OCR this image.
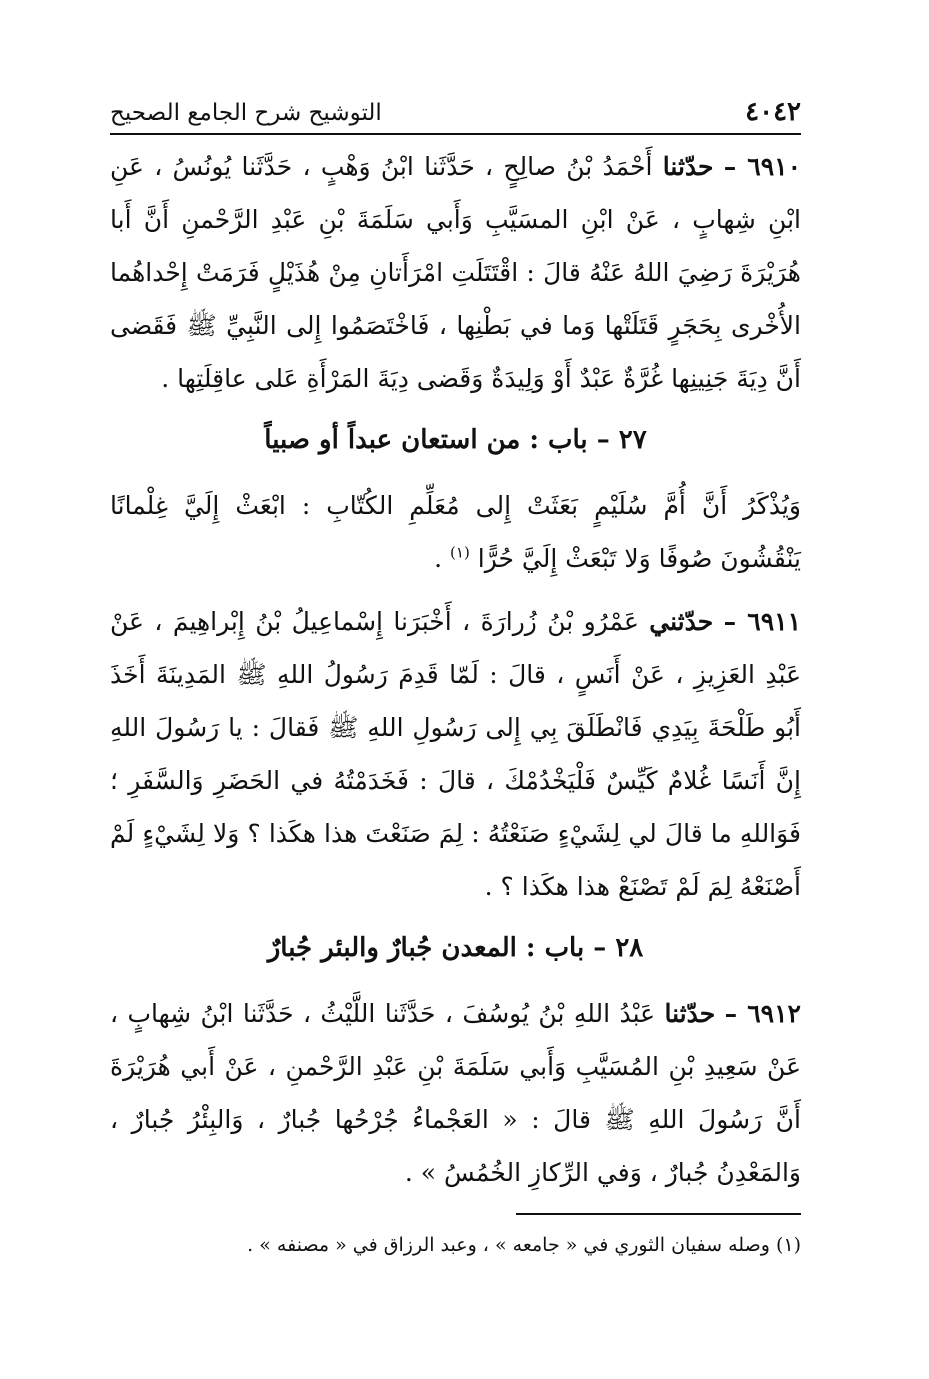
٤٠٤٢
التوشيح شرح الجامع الصحيح

٦٩١٠ – حدّثنا أَحْمَدُ بْنُ صالِحٍ ، حَدَّثَنا ابْنُ وَهْبٍ ، حَدَّثَنا يُونُسُ ، عَنِ ابْنِ شِهابٍ ، عَنْ ابْنِ المسَيَّبِ وَأَبي سَلَمَةَ بْنِ عَبْدِ الرَّحْمنِ أَنَّ أَبا هُرَيْرَةَ رَضِيَ اللهُ عَنْهُ قالَ : اقْتَتَلَتِ امْرَأَتانِ مِنْ هُذَيْلٍ فَرَمَتْ إِحْداهُما الأُخْرى بِحَجَرٍ قَتَلَتْها وَما في بَطْنِها ، فَاخْتَصَمُوا إِلى النَّبِيِّ ﷺ فَقَضى أَنَّ دِيَةَ جَنِينِها غُرَّةٌ عَبْدٌ أَوْ وَلِيدَةٌ وَقَضى دِيَةَ المَرْأَةِ عَلى عاقِلَتِها .

٢٧ – باب : من استعان عبداً أو صبياً

وَيُذْكَرُ أَنَّ أُمَّ سُلَيْمٍ بَعَثَتْ إِلى مُعَلِّمِ الكُتّابِ : ابْعَثْ إِلَيَّ غِلْمانًا يَنْقُشُونَ صُوفًا وَلا تَبْعَثْ إِلَيَّ حُرًّا $^{(١)}$ .

٦٩١١ – حدّثني عَمْرُو بْنُ زُرارَةَ ، أَخْبَرَنا إِسْماعِيلُ بْنُ إِبْراهِيمَ ، عَنْ عَبْدِ العَزِيزِ ، عَنْ أَنَسٍ ، قالَ : لَمّا قَدِمَ رَسُولُ اللهِ ﷺ المَدِينَةَ أَخَذَ أَبُو طَلْحَةَ بِيَدِي فَانْطَلَقَ بِي إِلى رَسُولِ اللهِ ﷺ فَقالَ : يا رَسُولَ اللهِ إِنَّ أَنَسًا غُلامٌ كَيِّسٌ فَلْيَخْدُمْكَ ، قالَ : فَخَدَمْتُهُ في الحَضَرِ وَالسَّفَرِ ؛ فَوَاللهِ ما قالَ لي لِشَيْءٍ صَنَعْتُهُ : لِمَ صَنَعْتَ هذا هكَذا ؟ وَلا لِشَيْءٍ لَمْ أَصْنَعْهُ لِمَ لَمْ تَصْنَعْ هذا هكَذا ؟ .

٢٨ – باب : المعدن جُبارٌ والبئر جُبارٌ

٦٩١٢ – حدّثنا عَبْدُ اللهِ بْنُ يُوسُفَ ، حَدَّثَنا اللَّيْثُ ، حَدَّثَنا ابْنُ شِهابٍ ، عَنْ سَعِيدِ بْنِ المُسَيَّبِ وَأَبي سَلَمَةَ بْنِ عَبْدِ الرَّحْمنِ ، عَنْ أَبي هُرَيْرَةَ أَنَّ رَسُولَ اللهِ ﷺ قالَ : « العَجْماءُ جُرْحُها جُبارٌ ، وَالبِئْرُ جُبارٌ ، وَالمَعْدِنُ جُبارٌ ، وَفي الرِّكازِ الخُمُسُ » .

(١) وصله سفيان الثوري في « جامعه » ، وعبد الرزاق في « مصنفه » .
